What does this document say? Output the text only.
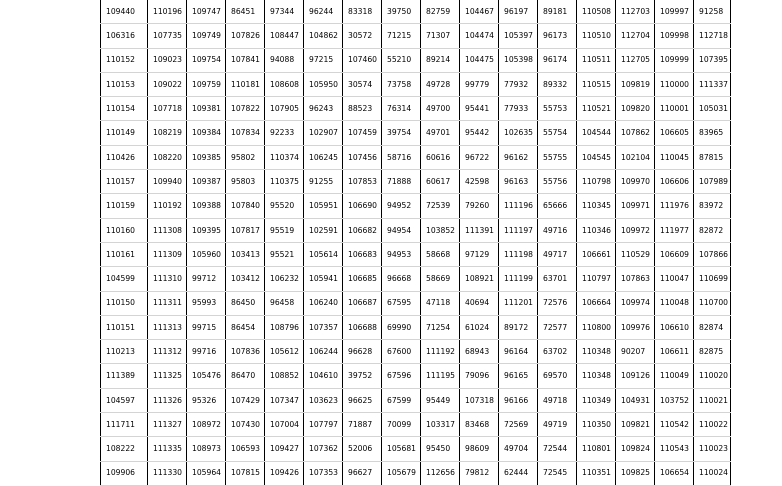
109440	110196	109747	86451	97344	96244	83318	39750	82759	104467	96197	89181	110508	112703	109997	91258
106316	107735	109749	107826	108447	104862	30572	71215	71307	104474	105397	96173	110510	112704	109998	112718
110152	109023	109754	107841	94088	97215	107460	55210	89214	104475	105398	96174	110511	112705	109999	107395
110153	109022	109759	110181	108608	105950	30574	73758	49728	99779	77932	89332	110515	109819	110000	111337
110154	107718	109381	107822	107905	96243	88523	76314	49700	95441	77933	55753	110521	109820	110001	105031
110149	108219	109384	107834	92233	102907	107459	39754	49701	95442	102635	55754	104544	107862	106605	83965
110426	108220	109385	95802	110374	106245	107456	58716	60616	96722	96162	55755	104545	102104	110045	87815
110157	109940	109387	95803	110375	91255	107853	71888	60617	42598	96163	55756	110798	109970	106606	107989
110159	110192	109388	107840	95520	105951	106690	94952	72539	79260	111196	65666	110345	109971	111976	83972
110160	111308	109395	107817	95519	102591	106682	94954	103852	111391	111197	49716	110346	109972	111977	82872
110161	111309	105960	103413	95521	105614	106683	94953	58668	97129	111198	49717	106661	110529	106609	107866
104599	111310	99712	103412	106232	105941	106685	96668	58669	108921	111199	63701	110797	107863	110047	110699
110150	111311	95993	86450	96458	106240	106687	67595	47118	40694	111201	72576	106664	109974	110048	110700
110151	111313	99715	86454	108796	107357	106688	69990	71254	61024	89172	72577	110800	109976	106610	82874
110213	111312	99716	107836	105612	106244	96628	67600	111192	68943	96164	63702	110348	90207	106611	82875
111389	111325	105476	86470	108852	104610	39752	67596	111195	79096	96165	69570	110348	109126	110049	110020
104597	111326	95326	107429	107347	103623	96625	67599	95449	107318	96166	49718	110349	104931	103752	110021
111711	111327	108972	107430	107004	107797	71887	70099	103317	83468	72569	49719	110350	109821	110542	110022
108222	111335	108973	106593	109427	107362	52006	105681	95450	98609	49704	72544	110801	109824	110543	110023
109906	111330	105964	107815	109426	107353	96627	105679	112656	79812	62444	72545	110351	109825	106654	110024
